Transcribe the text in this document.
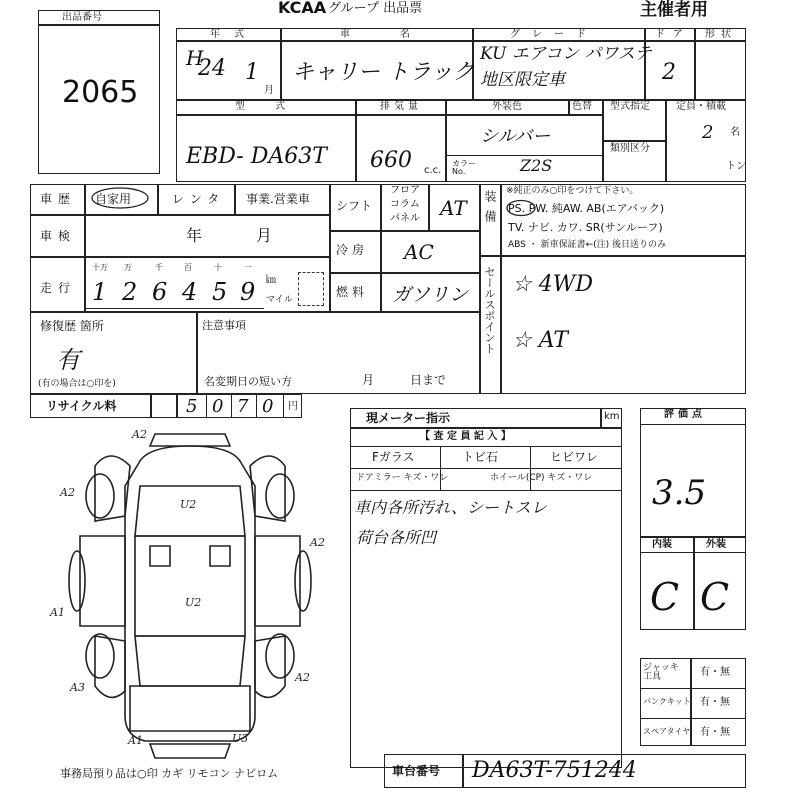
KCAA グループ 出品票	主催者用
出品番号
2065
年式
H
24 1
月
車名
キャリー トラック
グレード
KU エアコン パワステ
地区限定車
ドア
2
形状
型式
EBD- DA63T
排気量
660 c.c.
外装色	色替
シルバー
カラー No.	Z2S
型式指定
類別区分
定員・積載
2 名
トン
車歴 自家用	レンタ 事業.営業車
車検	年	月
走行
十万 万	千	百	十	一
1 2 6 4 5 9 ㎞
マイル
シフト
フロア
コラム
パネル AT
冷房 AC
燃料 ガソリン
装備 ※純正のみ○印をつけて下さい。
PS. PW. 純AW. AB(エアバック)
TV. ナビ. カワ. SR(サンルーフ)
ABS ・ 新車保証書←(注) 後日送りのみ
セールスポイント ☆ 4WD
☆ AT
修復歴 箇所
有
(有の場合は○印を)
注意事項
名変期日の短い方	月	日まで
リサイクル料	5 0 7 0 円
A2
A2
U2
A2
A1
U2
A2
A3
A1	U3
現メーター指示	km
【 査 定 員 記 入 】
Fガラス	トビ石	ヒビワレ
ドアミラー キズ・ワレ	ホイール(CP) キズ・ワレ
車内各所汚れ、シートスレ
荷台各所凹
評価点
3.5
内装	外装
C C
ジャッキ工具	有・無
パンクキット 有・無
スペアタイヤ 有・無
事務局預り品は○印 カギ リモコン ナビロム	車台番号 DA63T-751244
